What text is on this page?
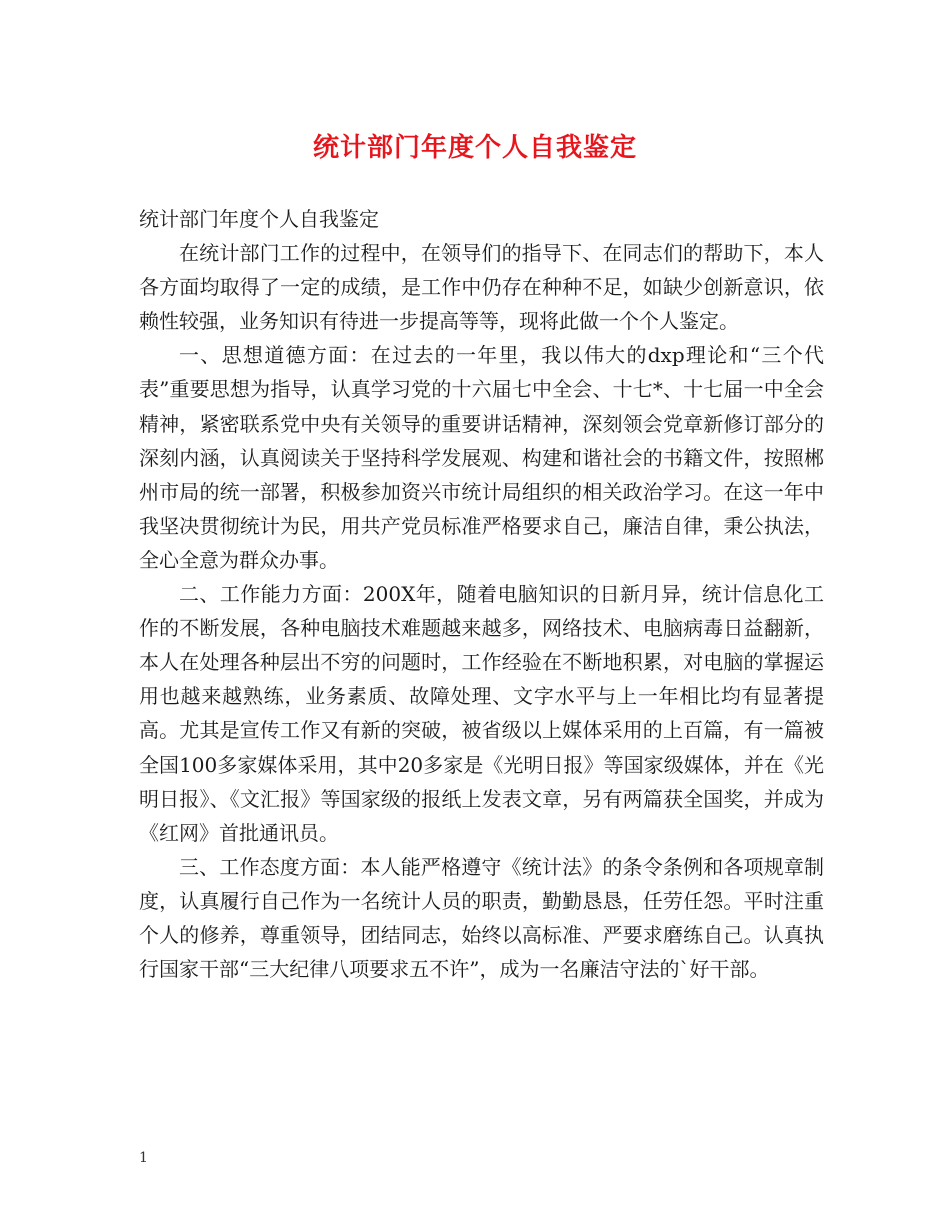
统计部门年度个人自我鉴定

统计部门年度个人自我鉴定

在统计部门工作的过程中，在领导们的指导下、在同志们的帮助下，本人各方面均取得了一定的成绩，是工作中仍存在种种不足，如缺少创新意识，依赖性较强，业务知识有待进一步提高等等，现将此做一个个人鉴定。

一、思想道德方面：在过去的一年里，我以伟大的dxp理论和“三个代表”重要思想为指导，认真学习党的十六届七中全会、十七*、十七届一中全会精神，紧密联系党中央有关领导的重要讲话精神，深刻领会党章新修订部分的深刻内涵，认真阅读关于坚持科学发展观、构建和谐社会的书籍文件，按照郴州市局的统一部署，积极参加资兴市统计局组织的相关政治学习。在这一年中我坚决贯彻统计为民，用共产党员标准严格要求自己，廉洁自律，秉公执法，全心全意为群众办事。

二、工作能力方面：200X年，随着电脑知识的日新月异，统计信息化工作的不断发展，各种电脑技术难题越来越多，网络技术、电脑病毒日益翻新，本人在处理各种层出不穷的问题时，工作经验在不断地积累，对电脑的掌握运用也越来越熟练，业务素质、故障处理、文字水平与上一年相比均有显著提高。尤其是宣传工作又有新的突破，被省级以上媒体采用的上百篇，有一篇被全国100多家媒体采用，其中20多家是《光明日报》等国家级媒体，并在《光明日报》、《文汇报》等国家级的报纸上发表文章，另有两篇获全国奖，并成为《红网》首批通讯员。

三、工作态度方面：本人能严格遵守《统计法》的条令条例和各项规章制度，认真履行自己作为一名统计人员的职责，勤勤恳恳，任劳任怨。平时注重个人的修养，尊重领导，团结同志，始终以高标准、严要求磨练自己。认真执行国家干部“三大纪律八项要求五不许”，成为一名廉洁守法的`好干部。

1
